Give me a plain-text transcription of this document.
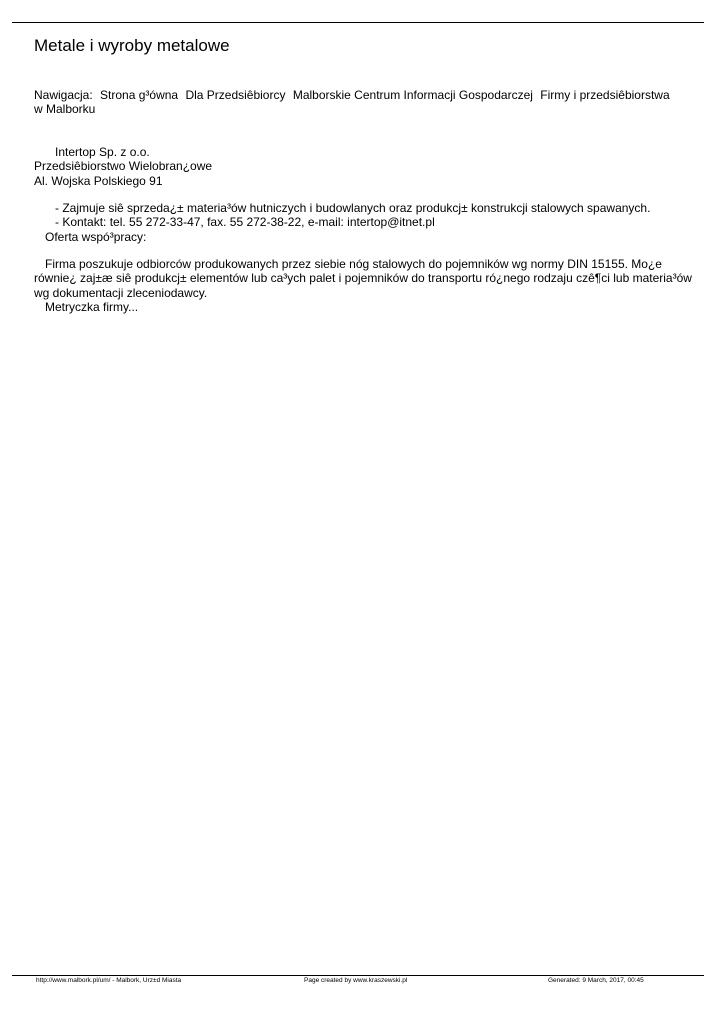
Metale i wyroby metalowe
Nawigacja: Strona g³ówna Dla Przedsiêbiorcy Malborskie Centrum Informacji Gospodarczej Firmy i przedsiêbiorstwa
w Malborku
Intertop Sp. z o.o.
Przedsiêbiorstwo Wielobran¿owe
Al. Wojska Polskiego 91
- Zajmuje siê sprzeda¿± materia³ów hutniczych i budowlanych oraz produkcj± konstrukcji stalowych spawanych.
- Kontakt: tel. 55 272-33-47, fax. 55 272-38-22, e-mail: intertop@itnet.pl
Oferta wspó³pracy:
Firma poszukuje odbiorców produkowanych przez siebie nóg stalowych do pojemników wg normy DIN 15155. Mo¿e
równie¿ zaj±æ siê produkcj± elementów lub ca³ych palet i pojemników do transportu ró¿nego rodzaju czê¶ci lub materia³ów
wg dokumentacji zleceniodawcy.
Metryczka firmy...
http://www.malbork.pl/um/ - Malbork, Urz±d Miasta	Page created by www.kraszewski.pl	Generated: 9 March, 2017, 00:45
